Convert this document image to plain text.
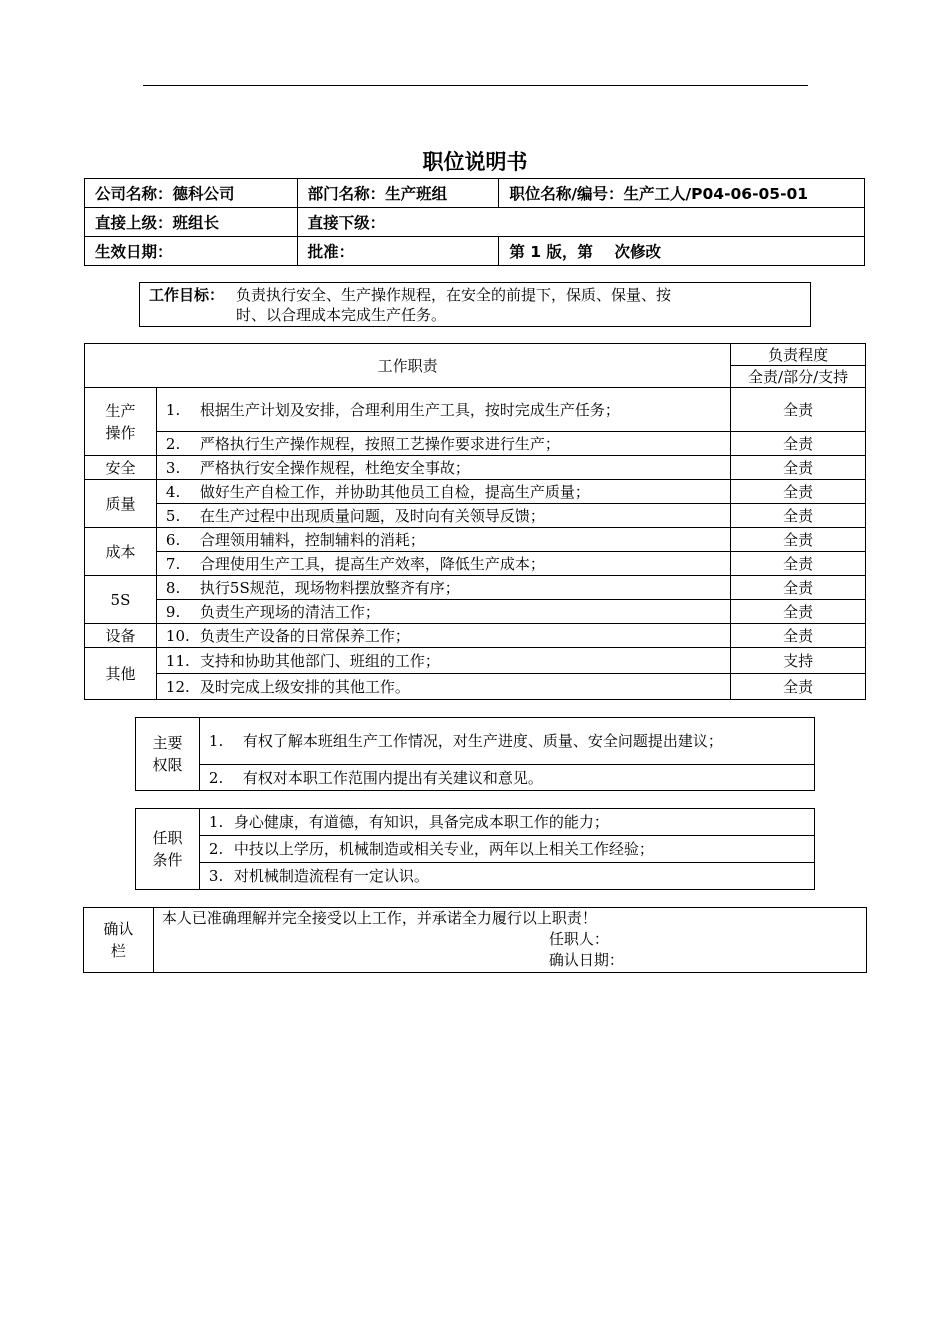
职位说明书
公司名称：德科公司	部门名称：生产班组	职位名称/编号：生产工人/P04-06-05-01
直接上级：班组长	直接下级：	
生效日期：	批准：	第 1 版，第    次修改
工作目标： 负责执行安全、生产操作规程，在安全的前提下，保质、保量、按
时、以合理成本完成生产任务。
工作职责		负责程度
		全责/部分/支持
生产
操作	1. 根据生产计划及安排，合理利用生产工具，按时完成生产任务；	全责

	2. 严格执行生产操作规程，按照工艺操作要求进行生产；	全责
安全	3. 严格执行安全操作规程，杜绝安全事故；	全责
质量	4. 做好生产自检工作，并协助其他员工自检，提高生产质量；	全责

	5. 在生产过程中出现质量问题，及时向有关领导反馈；	全责
成本	6. 合理领用辅料，控制辅料的消耗；	全责

	7. 合理使用生产工具，提高生产效率，降低生产成本；	全责
5S	8. 执行5S规范，现场物料摆放整齐有序；	全责

	9. 负责生产现场的清洁工作；	全责
设备	10. 负责生产设备的日常保养工作；	全责
其他	11. 支持和协助其他部门、班组的工作；	支持

	12. 及时完成上级安排的其他工作。	全责
主要
权限	
1.	有权了解本班组生产工作情况，对生产进度、质量、安全问题提出建议；

2.	有权对本职工作范围内提出有关建议和意见。
任职
条件	
1. 身心健康，有道德，有知识，具备完成本职工作的能力；

2. 中技以上学历，机械制造或相关专业，两年以上相关工作经验；

3. 对机械制造流程有一定认识。
确认
栏	
本人已准确理解并完全接受以上工作，并承诺全力履行以上职责！
任职人：
确认日期：
